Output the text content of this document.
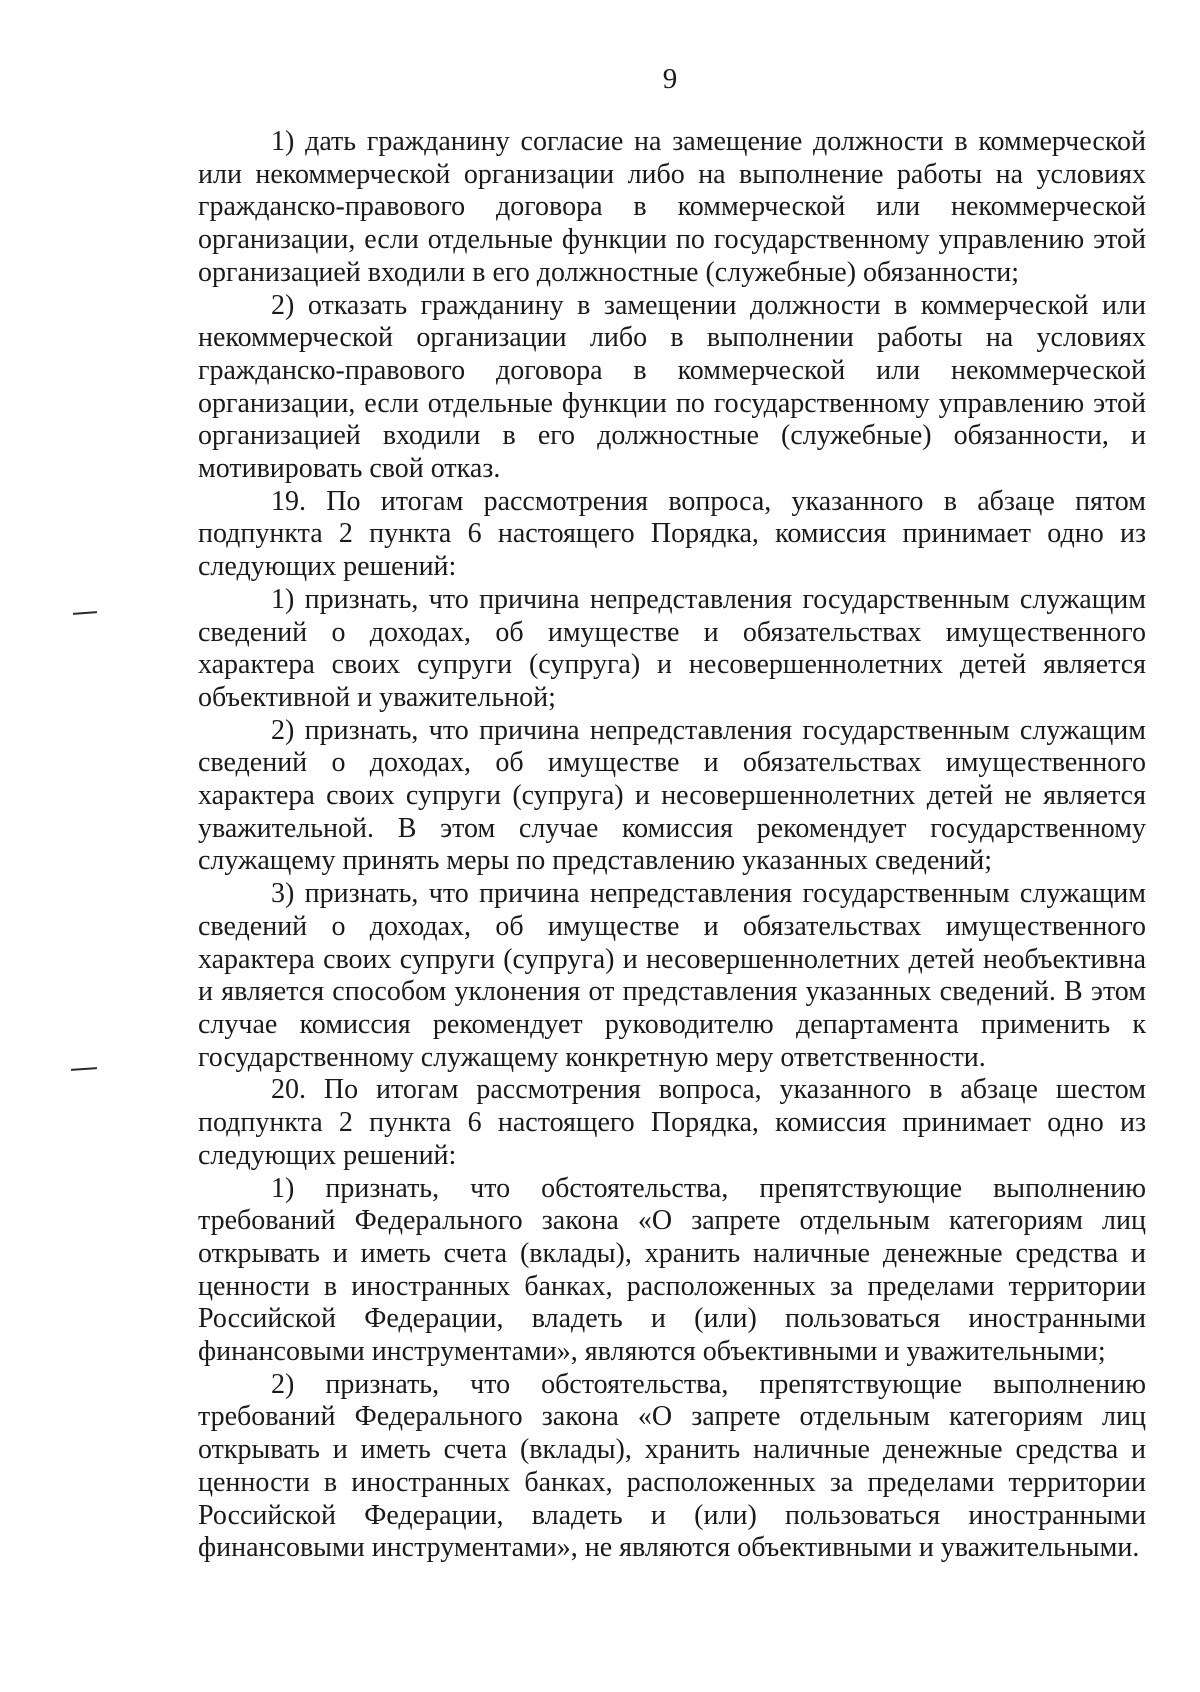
9

1) дать гражданину согласие на замещение должности в коммерческой или некоммерческой организации либо на выполнение работы на условиях гражданско-правового договора в коммерческой или некоммерческой организации, если отдельные функции по государственному управлению этой организацией входили в его должностные (служебные) обязанности;

2) отказать гражданину в замещении должности в коммерческой или некоммерческой организации либо в выполнении работы на условиях гражданско-правового договора в коммерческой или некоммерческой организации, если отдельные функции по государственному управлению этой организацией входили в его должностные (служебные) обязанности, и мотивировать свой отказ.

19. По итогам рассмотрения вопроса, указанного в абзаце пятом подпункта 2 пункта 6 настоящего Порядка, комиссия принимает одно из следующих решений:

1) признать, что причина непредставления государственным служащим сведений о доходах, об имуществе и обязательствах имущественного характера своих супруги (супруга) и несовершеннолетних детей является объективной и уважительной;

2) признать, что причина непредставления государственным служащим сведений о доходах, об имуществе и обязательствах имущественного характера своих супруги (супруга) и несовершеннолетних детей не является уважительной. В этом случае комиссия рекомендует государственному служащему принять меры по представлению указанных сведений;

3) признать, что причина непредставления государственным служащим сведений о доходах, об имуществе и обязательствах имущественного характера своих супруги (супруга) и несовершеннолетних детей необъективна и является способом уклонения от представления указанных сведений. В этом случае комиссия рекомендует руководителю департамента применить к государственному служащему конкретную меру ответственности.

20. По итогам рассмотрения вопроса, указанного в абзаце шестом подпункта 2 пункта 6 настоящего Порядка, комиссия принимает одно из следующих решений:

1) признать, что обстоятельства, препятствующие выполнению требований Федерального закона «О запрете отдельным категориям лиц открывать и иметь счета (вклады), хранить наличные денежные средства и ценности в иностранных банках, расположенных за пределами территории Российской Федерации, владеть и (или) пользоваться иностранными финансовыми инструментами», являются объективными и уважительными;

2) признать, что обстоятельства, препятствующие выполнению требований Федерального закона «О запрете отдельным категориям лиц открывать и иметь счета (вклады), хранить наличные денежные средства и ценности в иностранных банках, расположенных за пределами территории Российской Федерации, владеть и (или) пользоваться иностранными финансовыми инструментами», не являются объективными и уважительными.
